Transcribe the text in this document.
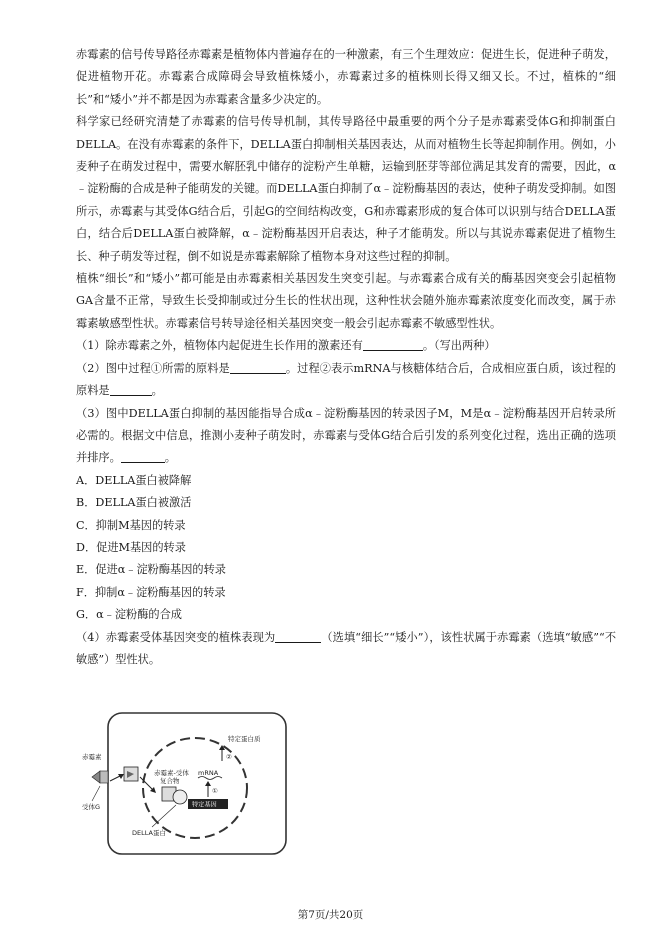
赤霉素的信号传导路径赤霉素是植物体内普遍存在的一种激素，有三个生理效应：促进生长，促进种子萌发，促进植物开花。赤霉素合成障碍会导致植株矮小，赤霉素过多的植株则长得又细又长。不过，植株的“细长”和“矮小”并不都是因为赤霉素含量多少决定的。

科学家已经研究清楚了赤霉素的信号传导机制，其传导路径中最重要的两个分子是赤霉素受体G和抑制蛋白DELLA。在没有赤霉素的条件下，DELLA蛋白抑制相关基因表达，从而对植物生长等起抑制作用。例如，小麦种子在萌发过程中，需要水解胚乳中储存的淀粉产生单糖，运输到胚芽等部位满足其发育的需要，因此，α﹣淀粉酶的合成是种子能萌发的关键。而DELLA蛋白抑制了α﹣淀粉酶基因的表达，使种子萌发受抑制。如图所示，赤霉素与其受体G结合后，引起G的空间结构改变，G和赤霉素形成的复合体可以识别与结合DELLA蛋白，结合后DELLA蛋白被降解，α﹣淀粉酶基因开启表达，种子才能萌发。所以与其说赤霉素促进了植物生长、种子萌发等过程，倒不如说是赤霉素解除了植物本身对这些过程的抑制。

植株“细长”和“矮小”都可能是由赤霉素相关基因发生突变引起。与赤霉素合成有关的酶基因突变会引起植物GA含量不正常，导致生长受抑制或过分生长的性状出现，这种性状会随外施赤霉素浓度变化而改变，属于赤霉素敏感型性状。赤霉素信号转导途径相关基因突变一般会引起赤霉素不敏感型性状。

（1）除赤霉素之外，植物体内起促进生长作用的激素还有	。（写出两种）

（2）图中过程①所需的原料是	。过程②表示mRNA与核糖体结合后，合成相应蛋白质，该过程的原料是	。

（3）图中DELLA蛋白抑制的基因能指导合成α﹣淀粉酶基因的转录因子M，M是α﹣淀粉酶基因开启转录所必需的。根据文中信息，推测小麦种子萌发时，赤霉素与受体G结合后引发的系列变化过程，选出正确的选项并排序。	。

A．DELLA蛋白被降解

B．DELLA蛋白被激活

C．抑制M基因的转录

D．促进M基因的转录

E．促进α﹣淀粉酶基因的转录

F．抑制α﹣淀粉酶基因的转录

G．α﹣淀粉酶的合成

（4）赤霉素受体基因突变的植株表现为	（选填“细长”“矮小”），该性状属于赤霉素（选填“敏感”“不敏感”）型性状。

赤霉素
受体G
赤霉素-受体
复合物
DELLA蛋白
mRNA
特定基因
①
②
特定蛋白质
第7页/共20页
